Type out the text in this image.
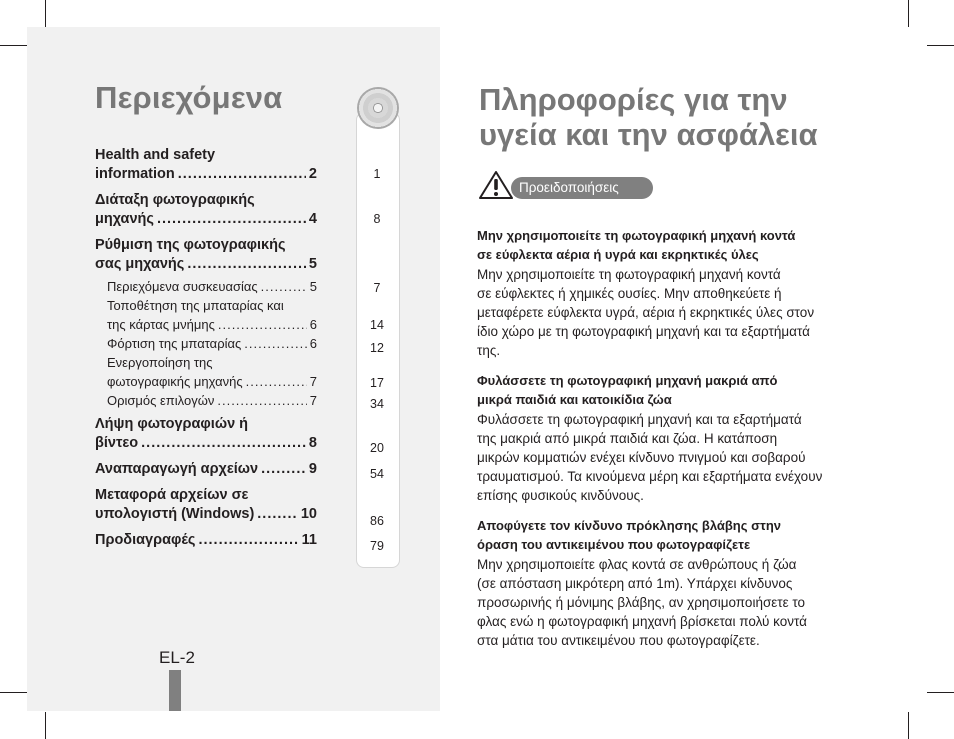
Περιεχόμενα
Health and safety
information .....	2
Διάταξη φωτογραφικής
μηχανής .....	4
Ρύθμιση της φωτογραφικής
σας μηχανής .....	5
Περιεχόμενα συσκευασίας .....	5
Τοποθέτηση της μπαταρίας και
της κάρτας μνήμης .....	6
Φόρτιση της μπαταρίας .....	6
Ενεργοποίηση της
φωτογραφικής μηχανής .....	7
Ορισμός επιλογών .....	7
Λήψη φωτογραφιών ή
βίντεο .....	8
Αναπαραγωγή αρχείων .....	9
Μεταφορά αρχείων σε
υπολογιστή (Windows) .....	10
Προδιαγραφές .....	11
1
8
7
14
12
17
34
20
54
86
79
EL-2
Πληροφορίες για την
υγεία και την ασφάλεια
Προειδοποιήσεις
Μην χρησιμοποιείτε τη φωτογραφική μηχανή κοντά
σε εύφλεκτα αέρια ή υγρά και εκρηκτικές ύλες
Μην χρησιμοποιείτε τη φωτογραφική μηχανή κοντά
σε εύφλεκτες ή χημικές ουσίες. Μην αποθηκεύετε ή
μεταφέρετε εύφλεκτα υγρά, αέρια ή εκρηκτικές ύλες στον
ίδιο χώρο με τη φωτογραφική μηχανή και τα εξαρτήματά
της.
Φυλάσσετε τη φωτογραφική μηχανή μακριά από
μικρά παιδιά και κατοικίδια ζώα
Φυλάσσετε τη φωτογραφική μηχανή και τα εξαρτήματά
της μακριά από μικρά παιδιά και ζώα. Η κατάποση
μικρών κομματιών ενέχει κίνδυνο πνιγμού και σοβαρού
τραυματισμού. Τα κινούμενα μέρη και εξαρτήματα ενέχουν
επίσης φυσικούς κινδύνους.
Αποφύγετε τον κίνδυνο πρόκλησης βλάβης στην
όραση του αντικειμένου που φωτογραφίζετε
Μην χρησιμοποιείτε φλας κοντά σε ανθρώπους ή ζώα
(σε απόσταση μικρότερη από 1m). Υπάρχει κίνδυνος
προσωρινής ή μόνιμης βλάβης, αν χρησιμοποιήσετε το
φλας ενώ η φωτογραφική μηχανή βρίσκεται πολύ κοντά
στα μάτια του αντικειμένου που φωτογραφίζετε.
